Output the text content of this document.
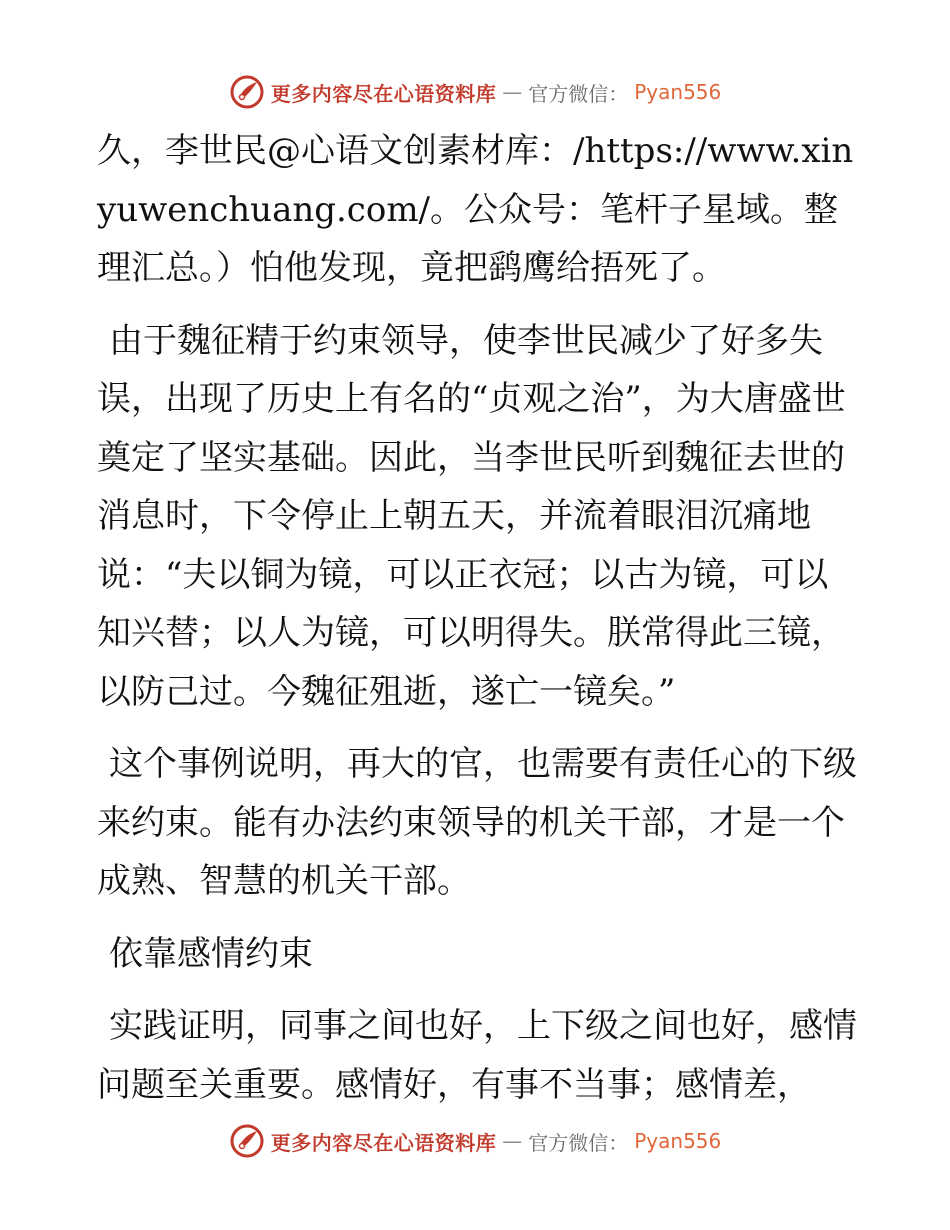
更多内容尽在心语资料库 — 官方微信： Pyan556

久，李世民@心语文创素材库：/https://www.xinyuwenchuang.com/。公众号：笔杆子星域。整理汇总。）怕他发现，竟把鹞鹰给捂死了。

由于魏征精于约束领导，使李世民减少了好多失误，出现了历史上有名的“贞观之治”，为大唐盛世奠定了坚实基础。因此，当李世民听到魏征去世的消息时，下令停止上朝五天，并流着眼泪沉痛地说：“夫以铜为镜，可以正衣冠；以古为镜，可以知兴替；以人为镜，可以明得失。朕常得此三镜，以防己过。今魏征殂逝，遂亡一镜矣。”

这个事例说明，再大的官，也需要有责任心的下级来约束。能有办法约束领导的机关干部，才是一个成熟、智慧的机关干部。

依靠感情约束

实践证明，同事之间也好，上下级之间也好，感情问题至关重要。感情好，有事不当事；感情差，

更多内容尽在心语资料库 — 官方微信： Pyan556
